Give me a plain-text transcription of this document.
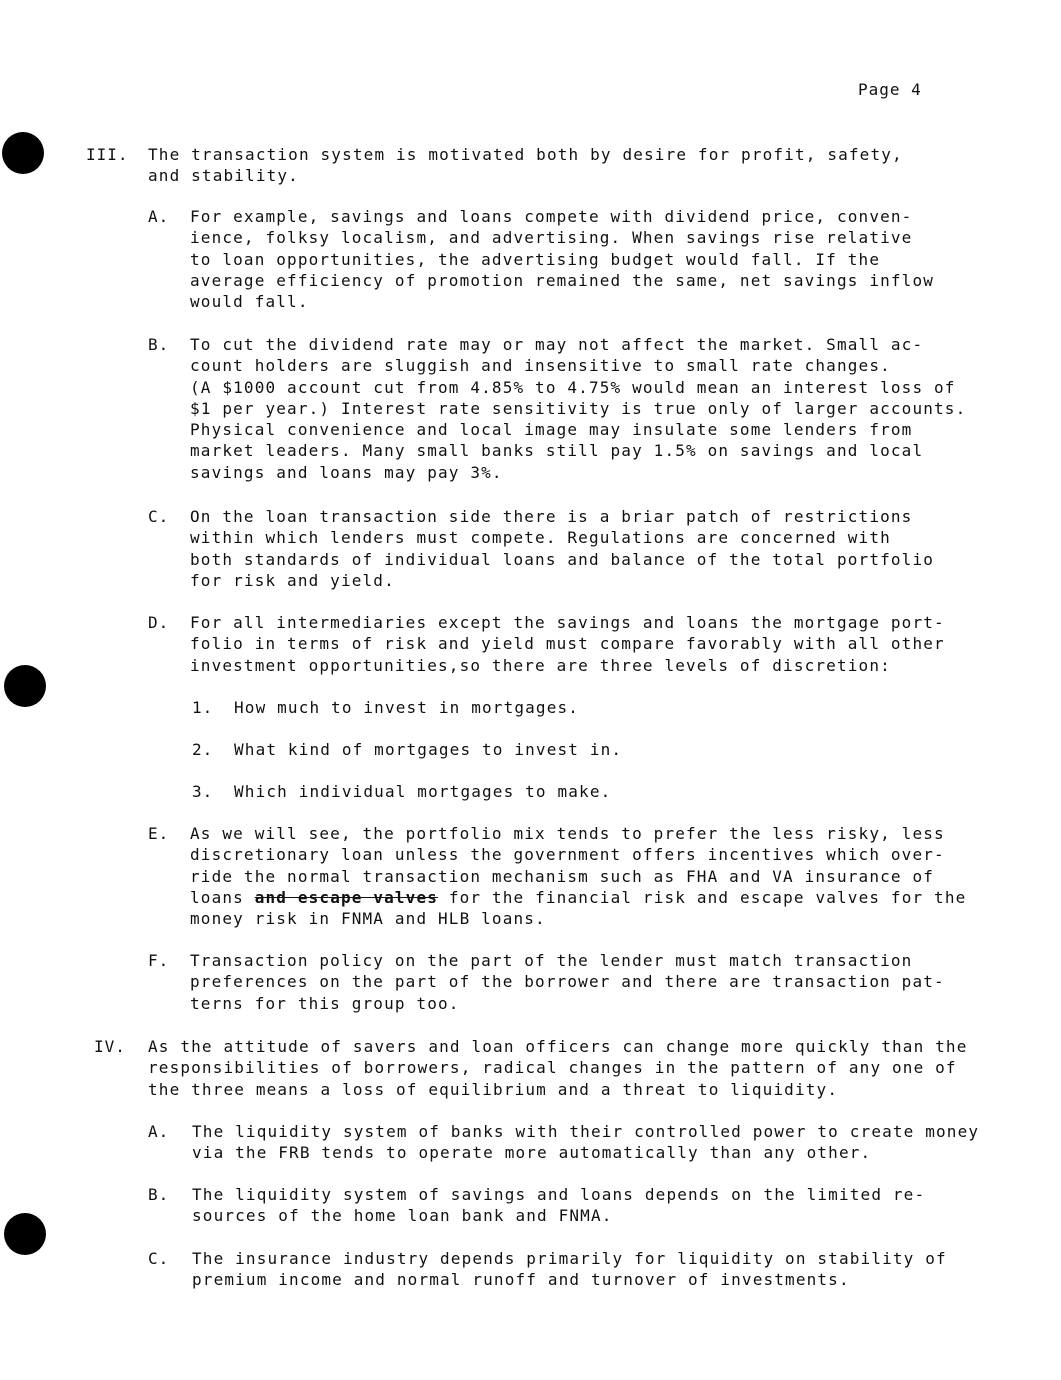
Page 4
III. The transaction system is motivated both by desire for profit, safety,
and stability.
A. For example, savings and loans compete with dividend price, conven-
ience, folksy localism, and advertising. When savings rise relative
to loan opportunities, the advertising budget would fall. If the
average efficiency of promotion remained the same, net savings inflow
would fall.
B. To cut the dividend rate may or may not affect the market. Small ac-
count holders are sluggish and insensitive to small rate changes.
(A $1000 account cut from 4.85% to 4.75% would mean an interest loss of
$1 per year.) Interest rate sensitivity is true only of larger accounts.
Physical convenience and local image may insulate some lenders from
market leaders. Many small banks still pay 1.5% on savings and local
savings and loans may pay 3%.
C. On the loan transaction side there is a briar patch of restrictions
within which lenders must compete. Regulations are concerned with
both standards of individual loans and balance of the total portfolio
for risk and yield.
D. For all intermediaries except the savings and loans the mortgage port-
folio in terms of risk and yield must compare favorably with all other
investment opportunities,so there are three levels of discretion:
1. How much to invest in mortgages.
2. What kind of mortgages to invest in.
3. Which individual mortgages to make.
E. As we will see, the portfolio mix tends to prefer the less risky, less
discretionary loan unless the government offers incentives which over-
ride the normal transaction mechanism such as FHA and VA insurance of
loans and escape valves for the financial risk and escape valves for the
money risk in FNMA and HLB loans.
F. Transaction policy on the part of the lender must match transaction
preferences on the part of the borrower and there are transaction pat-
terns for this group too.
IV. As the attitude of savers and loan officers can change more quickly than the
responsibilities of borrowers, radical changes in the pattern of any one of
the three means a loss of equilibrium and a threat to liquidity.
A. The liquidity system of banks with their controlled power to create money
via the FRB tends to operate more automatically than any other.
B. The liquidity system of savings and loans depends on the limited re-
sources of the home loan bank and FNMA.
C. The insurance industry depends primarily for liquidity on stability of
premium income and normal runoff and turnover of investments.
